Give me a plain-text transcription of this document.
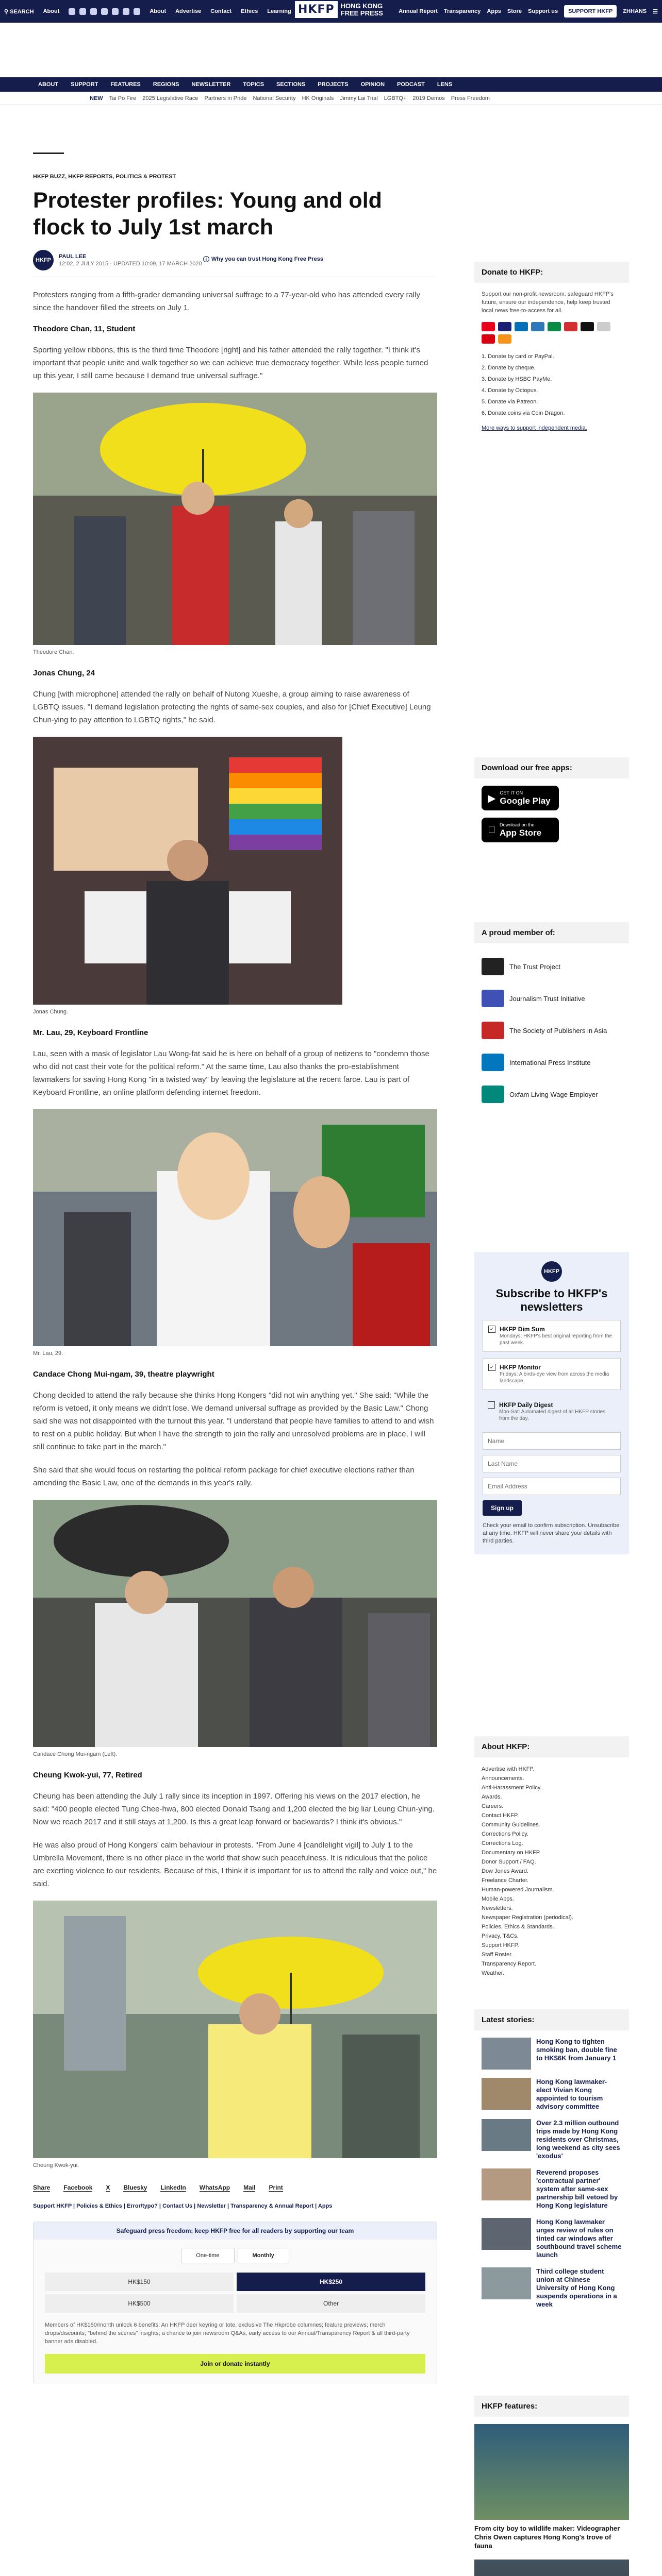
⚲ SEARCH About	About Advertise Contact Ethics Learning HKFP HONG KONG
FREE PRESS	Annual Report Transparency Apps Store Support us	SUPPORT HKFP	ZHHANS ☰
ABOUT SUPPORT FEATURES REGIONS NEWSLETTER TOPICS SECTIONS PROJECTS OPINION PODCAST LENS
NEW Tai Po Fire 2025 Legislative Race Partners in Pride National Security HK Originals Jimmy Lai Trial LGBTQ+ 2019 Demos Press Freedom
HKFP BUZZ, HKFP REPORTS, POLITICS & PROTEST
Protester profiles: Young and old flock to July 1st march
HKFP
PAUL LEE
12:02, 2 JULY 2015 · UPDATED 10:09, 17 MARCH 2020
i Why you can trust Hong Kong Free Press

Protesters ranging from a fifth-grader demanding universal suffrage to a 77-year-old who has attended every rally since the handover filled the streets on July 1.

Theodore Chan, 11, Student

Sporting yellow ribbons, this is the third time Theodore [right] and his father attended the rally together. "I think it's important that people unite and walk together so we can achieve true democracy together. While less people turned up this year, I still came because I demand true universal suffrage."

Theodore Chan.
Jonas Chung, 24

Chung [with microphone] attended the rally on behalf of Nutong Xueshe, a group aiming to raise awareness of LGBTQ issues. "I demand legislation protecting the rights of same-sex couples, and also for [Chief Executive] Leung Chun-ying to pay attention to LGBTQ rights," he said.

Jonas Chung.
Mr. Lau, 29, Keyboard Frontline

Lau, seen with a mask of legislator Lau Wong-fat said he is here on behalf of a group of netizens to "condemn those who did not cast their vote for the political reform." At the same time, Lau also thanks the pro-establishment lawmakers for saving Hong Kong "in a twisted way" by leaving the legislature at the recent farce. Lau is part of Keyboard Frontline, an online platform defending internet freedom.

Mr. Lau, 29.
Candace Chong Mui-ngam, 39, theatre playwright

Chong decided to attend the rally because she thinks Hong Kongers "did not win anything yet." She said: "While the reform is vetoed, it only means we didn't lose. We demand universal suffrage as provided by the Basic Law." Chong said she was not disappointed with the turnout this year. "I understand that people have families to attend to and wish to rest on a public holiday. But when I have the strength to join the rally and unresolved problems are in place, I will still continue to take part in the march."

She said that she would focus on restarting the political reform package for chief executive elections rather than amending the Basic Law, one of the demands in this year's rally.

Candace Chong Mui-ngam (Left).
Cheung Kwok-yui, 77, Retired

Cheung has been attending the July 1 rally since its inception in 1997. Offering his views on the 2017 election, he said: "400 people elected Tung Chee-hwa, 800 elected Donald Tsang and 1,200 elected the big liar Leung Chun-ying. Now we reach 2017 and it still stays at 1,200. Is this a great leap forward or backwards? I think it's obvious."

He was also proud of Hong Kongers' calm behaviour in protests. "From June 4 [candlelight vigil] to July 1 to the Umbrella Movement, there is no other place in the world that show such peacefulness. It is ridiculous that the police are exerting violence to our residents. Because of this, I think it is important for us to attend the rally and voice out," he said.

Cheung Kwok-yui.
Share Facebook X Bluesky LinkedIn WhatsApp Mail Print
Support HKFP | Policies & Ethics | Error/typo? | Contact Us | Newsletter | Transparency & Annual Report | Apps
Safeguard press freedom; keep HKFP free for all readers by supporting our team
One-time	Monthly
HK$150	HK$250
HK$500	Other
Members of HK$150/month unlock 6 benefits: An HKFP deer keyring or tote, exclusive The Hkprobe columnes; feature previews; merch drops/discounts; "behind the scenes" insights; a chance to join newsroom Q&As, early access to our Annual/Transparency Report & all third-party banner ads disabled.
Join or donate instantly
Donate to HKFP:

Support our non-profit newsroom: safeguard HKFP's future, ensure our independence, help keep trusted local news free-to-access for all.

1. Donate by card or PayPal.
2. Donate by cheque.
3. Donate by HSBC PayMe.
4. Donate by Octopus.
5. Donate via Patreon.
6. Donate coins via Coin Dragon.

More ways to support independent media.

Download our free apps:
▶ GET IT ON
Google Play
Download on the
App Store
A proud member of:
The Trust Project
Journalism Trust Initiative
The Society of Publishers in Asia
International Press Institute
Oxfam Living Wage Employer
HKFP
Subscribe to HKFP's newsletters
✓ HKFP Dim Sum
Mondays: HKFP's best original reporting from the past week.
✓ HKFP Monitor
Fridays: A birds-eye view from across the media landscape.
HKFP Daily Digest
Mon-Sat: Automated digest of all HKFP stories from the day.
Name Last Name Email Address Sign up

Check your email to confirm subscription. Unsubscribe at any time. HKFP will never share your details with third parties.

About HKFP:
Advertise with HKFP.
Announcements.
Anti-Harassment Policy.
Awards.
Careers.
Contact HKFP.
Community Guidelines.
Corrections Policy.
Corrections Log.
Documentary on HKFP.
Donor Support / FAQ.
Dow Jones Award.
Freelance Charter.
Human-powered Journalism.
Mobile Apps.
Newsletters.
Newspaper Registration (periodical).
Policies, Ethics & Standards.
Privacy, T&Cs.
Support HKFP.
Staff Roster.
Transparency Report.
Weather.
Latest stories:
Hong Kong to tighten smoking ban, double fine to HK$6K from January 1
Hong Kong lawmaker-elect Vivian Kong appointed to tourism advisory committee
Over 2.3 million outbound trips made by Hong Kong residents over Christmas, long weekend as city sees 'exodus'
Reverend proposes 'contractual partner' system after same-sex partnership bill vetoed by Hong Kong legislature
Hong Kong lawmaker urges review of rules on tinted car windows after southbound travel scheme launch
Third college student union at Chinese University of Hong Kong suspends operations in a week
HKFP features:
From city boy to wildlife maker: Videographer Chris Owen captures Hong Kong's trove of fauna
